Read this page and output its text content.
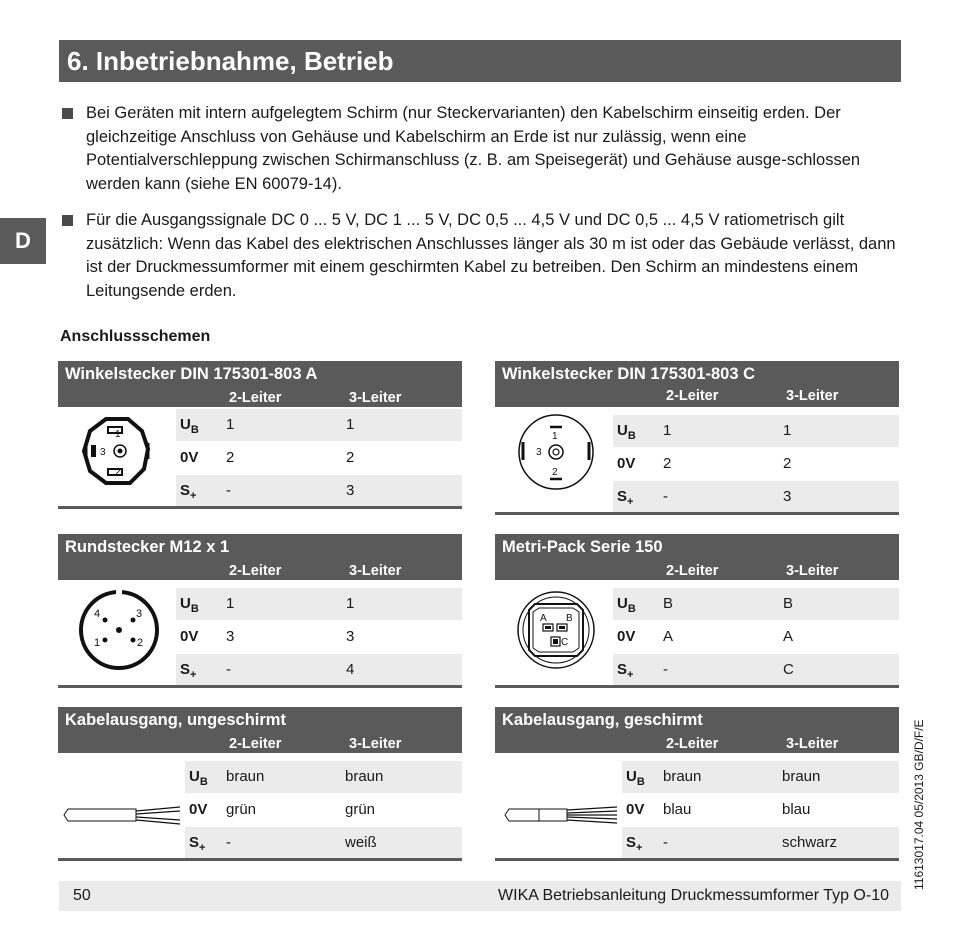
6. Inbetriebnahme, Betrieb
D
Bei Geräten mit intern aufgelegtem Schirm (nur Steckervarianten) den Kabelschirm einseitig erden. Der gleichzeitige Anschluss von Gehäuse und Kabelschirm an Erde ist nur zulässig, wenn eine Potentialverschleppung zwischen Schirmanschluss (z. B. am Speisegerät) und Gehäuse ausge-schlossen werden kann (siehe EN 60079-14).
Für die Ausgangssignale DC 0 ... 5 V, DC 1 ... 5 V, DC 0,5 ... 4,5 V und DC 0,5 ... 4,5 V ratiometrisch gilt zusätzlich: Wenn das Kabel des elektrischen Anschlusses länger als 30 m ist oder das Gebäude verlässt, dann ist der Druckmessumformer mit einem geschirmten Kabel zu betreiben. Den Schirm an mindestens einem Leitungsende erden.
Anschlussschemen
Winkelstecker DIN 175301-803 A
2-Leiter	3-Leiter
1
2
3
$U_B$ 1	1
0V 2	2
$S_+$ -	3
Winkelstecker DIN 175301-803 C
2-Leiter	3-Leiter
1
2
3
$U_B$ 1	1
0V 2	2
$S_+$ -	3
Rundstecker M12 x 1
2-Leiter	3-Leiter
4	3
1	2
$U_B$ 1	1
0V 3	3
$S_+$ -	4
Metri-Pack Serie 150
2-Leiter	3-Leiter
A B
C
$U_B$ B	B
0V A	A
$S_+$ -	C
Kabelausgang, ungeschirmt
2-Leiter	3-Leiter
$U_B$ braun	braun
0V grün	grün
$S_+$ -	weiß
Kabelausgang, geschirmt
2-Leiter	3-Leiter
$U_B$ braun	braun
0V blau	blau
$S_+$ -	schwarz
50	WIKA Betriebsanleitung Druckmessumformer Typ O-10
11613017.04 05/2013 GB/D/F/E
